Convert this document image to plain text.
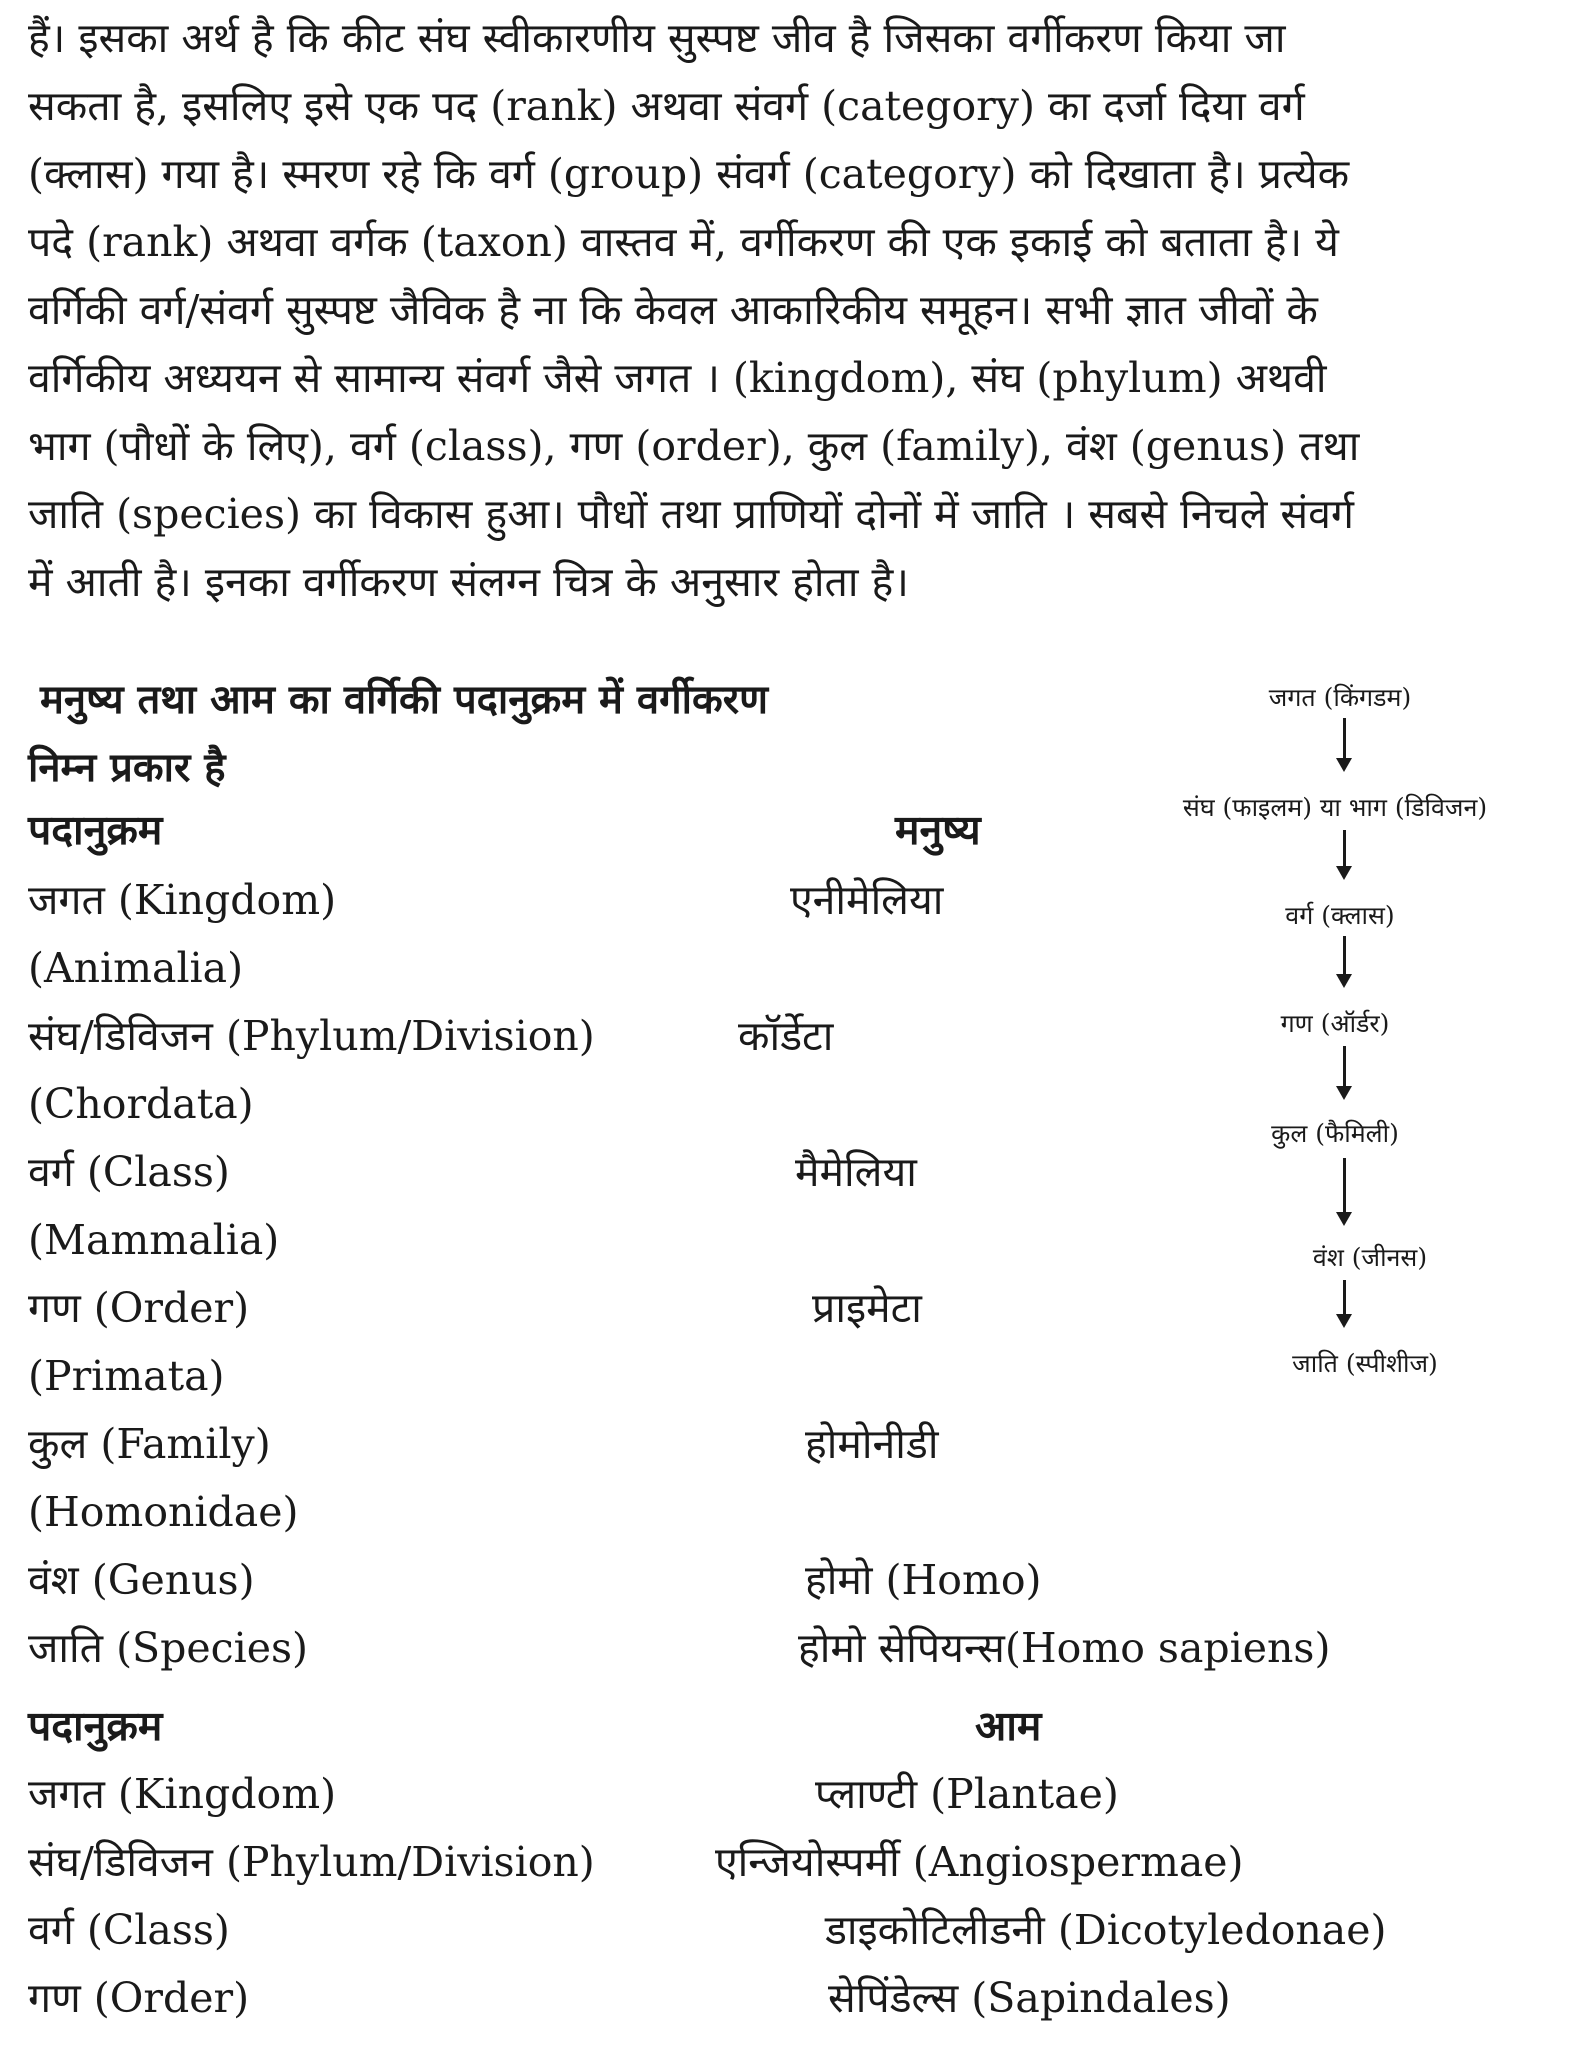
हैं। इसका अर्थ है कि कीट संघ स्वीकारणीय सुस्पष्ट जीव है जिसका वर्गीकरण किया जा
सकता है, इसलिए इसे एक पद (rank) अथवा संवर्ग (category) का दर्जा दिया वर्ग
(क्लास) गया है। स्मरण रहे कि वर्ग (group) संवर्ग (category) को दिखाता है। प्रत्येक
पदे (rank) अथवा वर्गक (taxon) वास्तव में, वर्गीकरण की एक इकाई को बताता है। ये
वर्गिकी वर्ग/संवर्ग सुस्पष्ट जैविक है ना कि केवल आकारिकीय समूहन। सभी ज्ञात जीवों के
वर्गिकीय अध्ययन से सामान्य संवर्ग जैसे जगत । (kingdom), संघ (phylum) अथवी
भाग (पौधों के लिए), वर्ग (class), गण (order), कुल (family), वंश (genus) तथा
जाति (species) का विकास हुआ। पौधों तथा प्राणियों दोनों में जाति । सबसे निचले संवर्ग
में आती है। इनका वर्गीकरण संलग्न चित्र के अनुसार होता है।
मनुष्य तथा आम का वर्गिकी पदानुक्रम में वर्गीकरण
निम्न प्रकार है
पदानुक्रम	मनुष्य
जगत (Kingdom)	एनीमेलिया
(Animalia)
संघ/डिविजन (Phylum/Division)	कॉर्डेटा
(Chordata)
वर्ग (Class)	मैमेलिया
(Mammalia)
गण (Order)	प्राइमेटा
(Primata)
कुल (Family)	होमोनीडी
(Homonidae)
वंश (Genus)	होमो (Homo)
जाति (Species)	होमो सेपियन्स(Homo sapiens)
पदानुक्रम	आम
जगत (Kingdom)	प्लाण्टी (Plantae)
संघ/डिविजन (Phylum/Division)	एन्जियोस्पर्मी (Angiospermae)
वर्ग (Class)	डाइकोटिलीडनी (Dicotyledonae)
गण (Order)	सेपिंडेल्स (Sapindales)
जगत (किंगडम)
संघ (फाइलम) या भाग (डिविजन)
वर्ग (क्लास)
गण (ऑर्डर)
कुल (फैमिली)
वंश (जीनस)
जाति (स्पीशीज)
